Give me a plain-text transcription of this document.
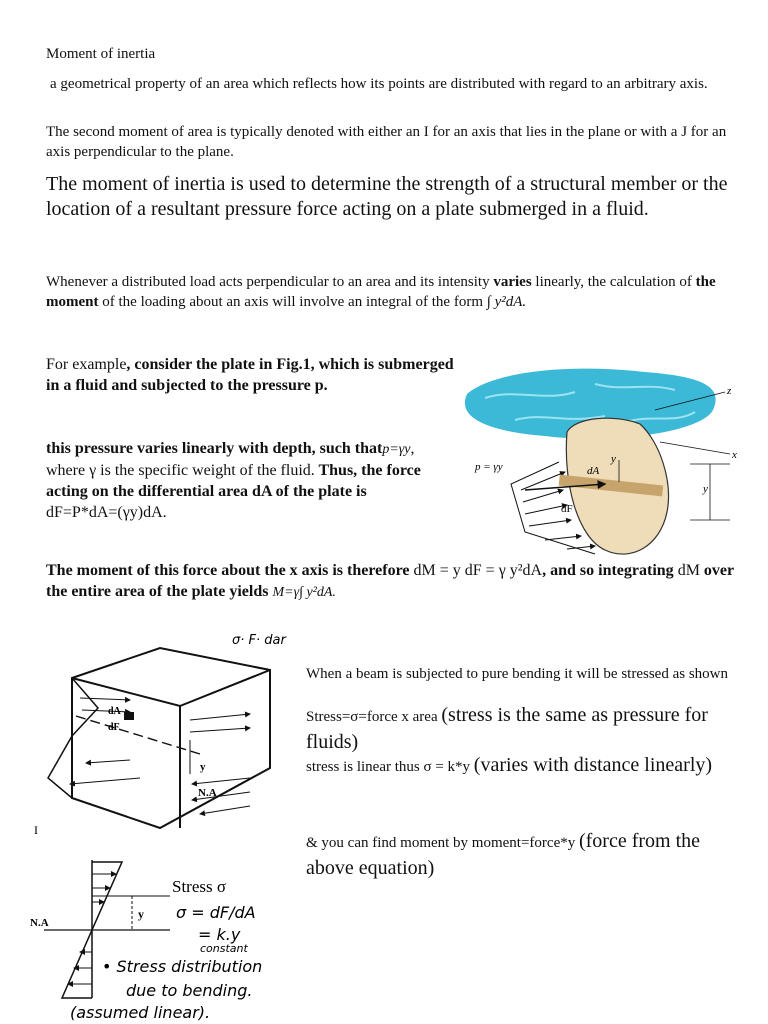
Moment of inertia
a geometrical property of an area which reflects how its points are distributed with regard to an arbitrary axis.
The second moment of area is typically denoted with either an I for an axis that lies in the plane or with a J for an axis perpendicular to the plane.
The moment of inertia is used to determine the strength of a structural member or the location of a resultant pressure force acting on a plate submerged in a fluid.
Whenever a distributed load acts perpendicular to an area and its intensity varies linearly, the calculation of the moment of the loading about an axis will involve an integral of the form ∫ y²dA.
For example, consider the plate in Fig.1, which is submerged in a fluid and subjected to the pressure p.
this pressure varies linearly with depth, such thatp=γy, where γ is the specific weight of the fluid. Thus, the force acting on the differential area dA of the plate is
dF=P*dA=(γy)dA.
The moment of this force about the x axis is therefore dM = y dF = γ y²dA, and so integrating dM over the entire area of the plate yields M=γ∫ y²dA.
z
x
y
y
p = γy	dA
dF
σ· F· dar
dA
dF
y
N.A
I
N.A
y
Stress σ
σ = dF/dA
= k.y
constant
• Stress distribution
due to bending.
(assumed linear).
When a beam is subjected to pure bending it will be stressed as shown
Stress=σ=force x area (stress is the same as pressure for fluids)
stress is linear thus σ = k*y (varies with distance linearly)
& you can find moment by moment=force*y (force from the above equation)
